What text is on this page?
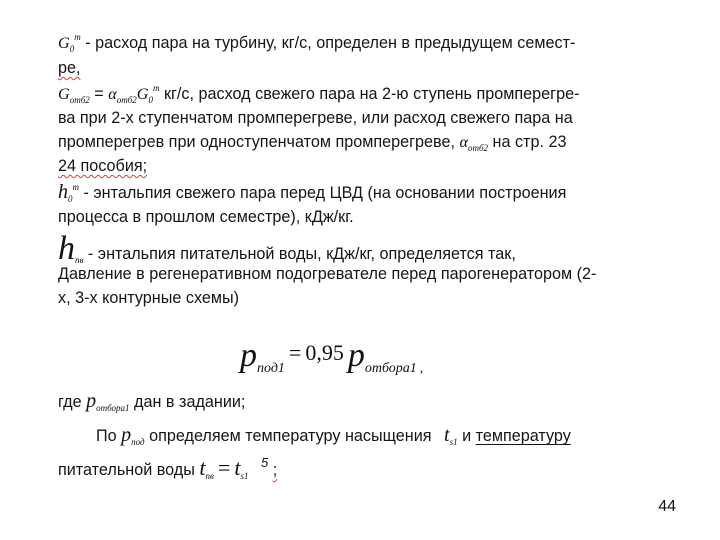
$G_0^т$ - расход пара на турбину, кг/с, определен в предыдущем семест-
ре,
$G_{отб2} = \alpha_{отб2}G_0^т$ кг/с, расход свежего пара на 2-ю ступень промперегре-
ва при 2-х ступенчатом промперегреве, или расход свежего пара на
промперегрев при одноступенчатом промперегреве, $\alpha_{отб2}$ на стр. 23
24 пособия;
$h_0^т$ - энтальпия свежего пара перед ЦВД (на основании построения
процесса в прошлом семестре), кДж/кг.
$h_{пв}$ - энтальпия питательной воды, кДж/кг, определяется так,
Давление в регенеративном подогревателе перед парогенератором (2-
х, 3-х контурные схемы)
pпод1= 0,95 pотбора1 ,
где $p_{отбора1}$ дан в задании;
По $p_{под}$ определяем температуру насыщения $t_{s1}$ и температуру
питательной воды tпв = ts1 $^5$ ;
44
